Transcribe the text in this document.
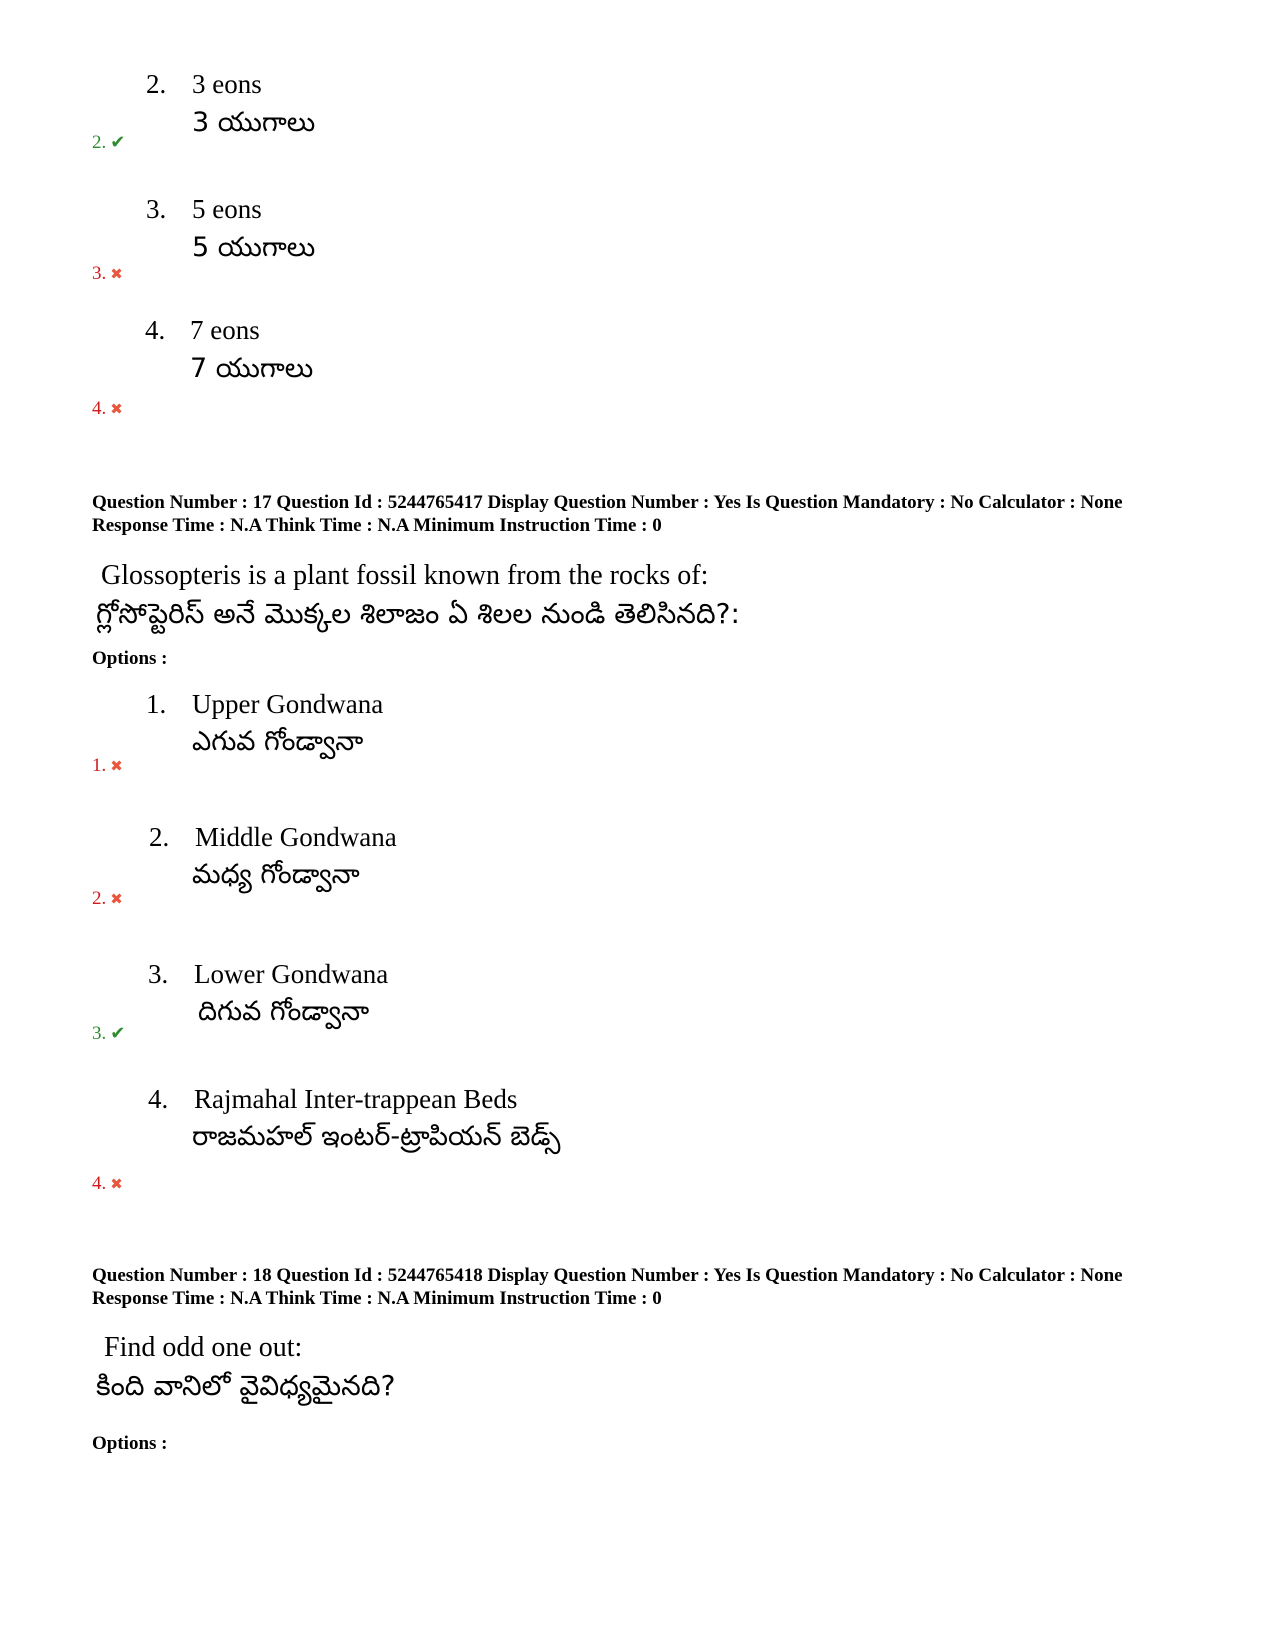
2. 3 eons
3 యుగాలు
2. ✔
3. 5 eons
5 యుగాలు
3. ✖
4. 7 eons
7 యుగాలు
4. ✖
Question Number : 17 Question Id : 5244765417 Display Question Number : Yes Is Question Mandatory : No Calculator : None Response Time : N.A Think Time : N.A Minimum Instruction Time : 0
Glossopteris is a plant fossil known from the rocks of:
గ్లోసోప్టెరిస్ అనే మొక్కల శిలాజం ఏ శిలల నుండి తెలిసినది?:
Options :
1. Upper Gondwana
ఎగువ గోండ్వానా
1. ✖
2. Middle Gondwana
మధ్య గోండ్వానా
2. ✖
3. Lower Gondwana
దిగువ గోండ్వానా
3. ✔
4. Rajmahal Inter-trappean Beds
రాజమహల్ ఇంటర్-ట్రాపియన్ బెడ్స్
4. ✖
Question Number : 18 Question Id : 5244765418 Display Question Number : Yes Is Question Mandatory : No Calculator : None Response Time : N.A Think Time : N.A Minimum Instruction Time : 0
Find odd one out:
కింది వానిలో వైవిధ్యమైనది?
Options :
